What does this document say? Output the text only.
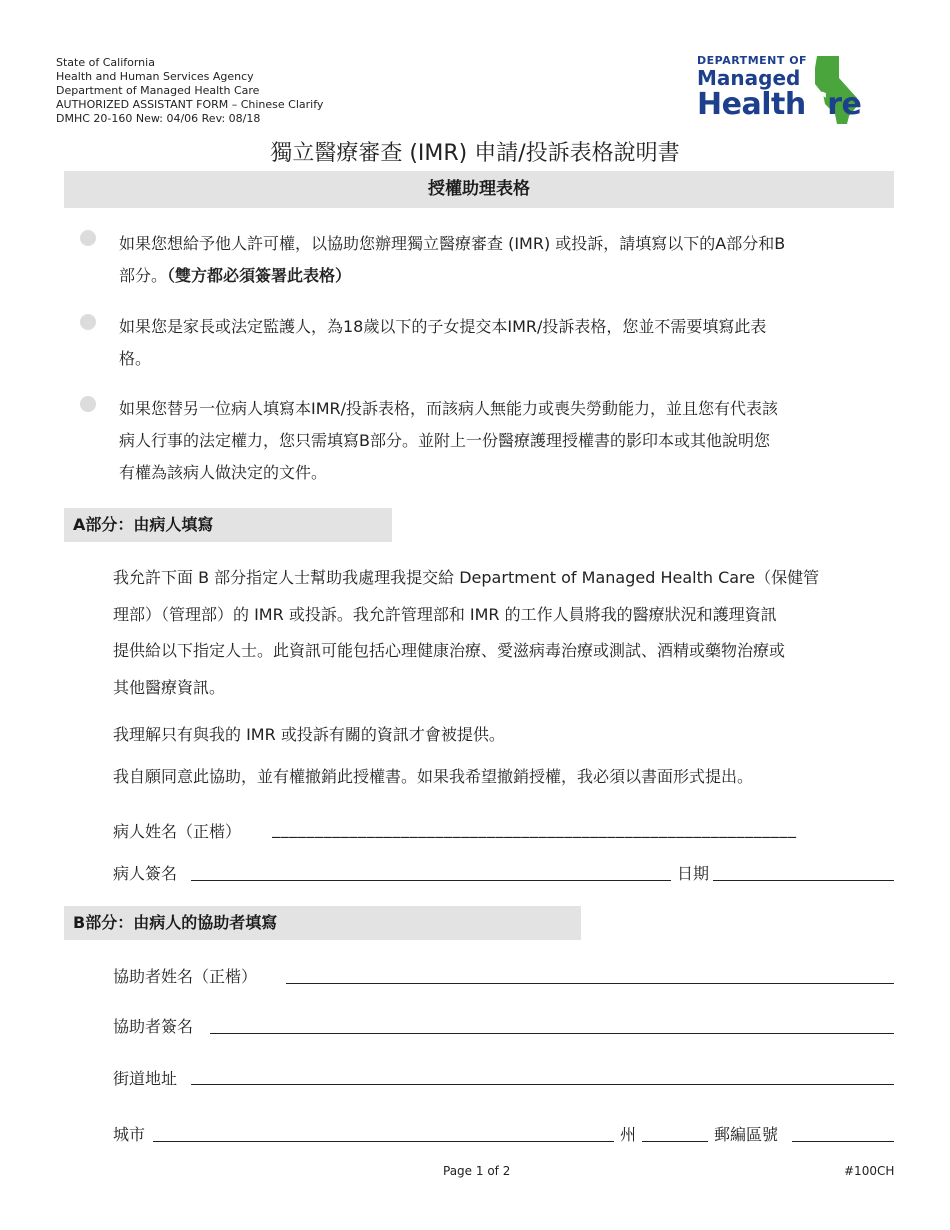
State of California
Health and Human Services Agency
Department of Managed Health Care
AUTHORIZED ASSISTANT FORM – Chinese Clarify
DMHC 20-160 New: 04/06 Rev: 08/18
DEPARTMENT OF
Managed
HealthCre
獨立醫療審查 (IMR) 申請/投訴表格說明書
授權助理表格
如果您想給予他人許可權，以協助您辦理獨立醫療審查 (IMR) 或投訴，請填寫以下的A部分和B
部分。（雙方都必須簽署此表格）
如果您是家長或法定監護人，為18歲以下的子女提交本IMR/投訴表格，您並不需要填寫此表
格。
如果您替另一位病人填寫本IMR/投訴表格，而該病人無能力或喪失勞動能力，並且您有代表該
病人行事的法定權力，您只需填寫B部分。並附上一份醫療護理授權書的影印本或其他說明您
有權為該病人做決定的文件。
A部分：由病人填寫
我允許下面 B 部分指定人士幫助我處理我提交給 Department of Managed Health Care（保健管
理部）（管理部）的 IMR 或投訴。我允許管理部和 IMR 的工作人員將我的醫療狀況和護理資訊
提供給以下指定人士。此資訊可能包括心理健康治療、愛滋病毒治療或測試、酒精或藥物治療或
其他醫療資訊。
我理解只有與我的 IMR 或投訴有關的資訊才會被提供。
我自願同意此協助，並有權撤銷此授權書。如果我希望撤銷授權，我必須以書面形式提出。
病人姓名（正楷） _____________________________________________________________
病人簽名	日期
B部分：由病人的協助者填寫
協助者姓名（正楷）
協助者簽名
街道地址
城市	州	郵編區號
Page 1 of 2	#100CH
